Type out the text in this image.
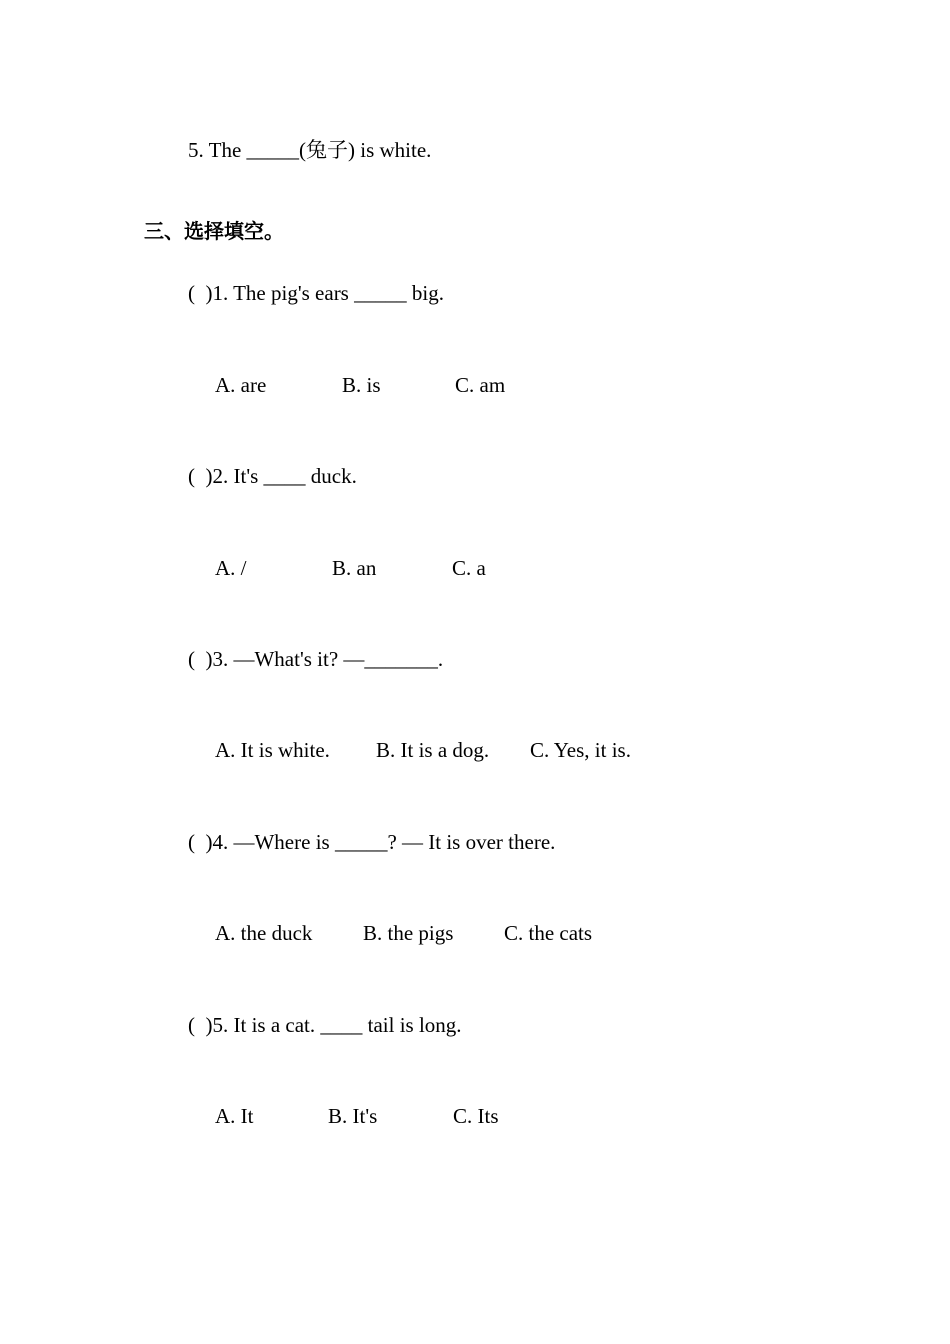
5. The _____(兔子) is white.
三、选择填空。
(  )1. The pig's ears _____ big.
A. are	B. is	C. am
(  )2. It's ____ duck.
A. /	B. an	C. a
(  )3. —What's it? —_______.
A. It is white. B. It is a dog. C. Yes, it is.
(  )4. —Where is _____? — It is over there.
A. the duck B. the pigs C. the cats
(  )5. It is a cat. ____ tail is long.
A. It	B. It's	C. Its
